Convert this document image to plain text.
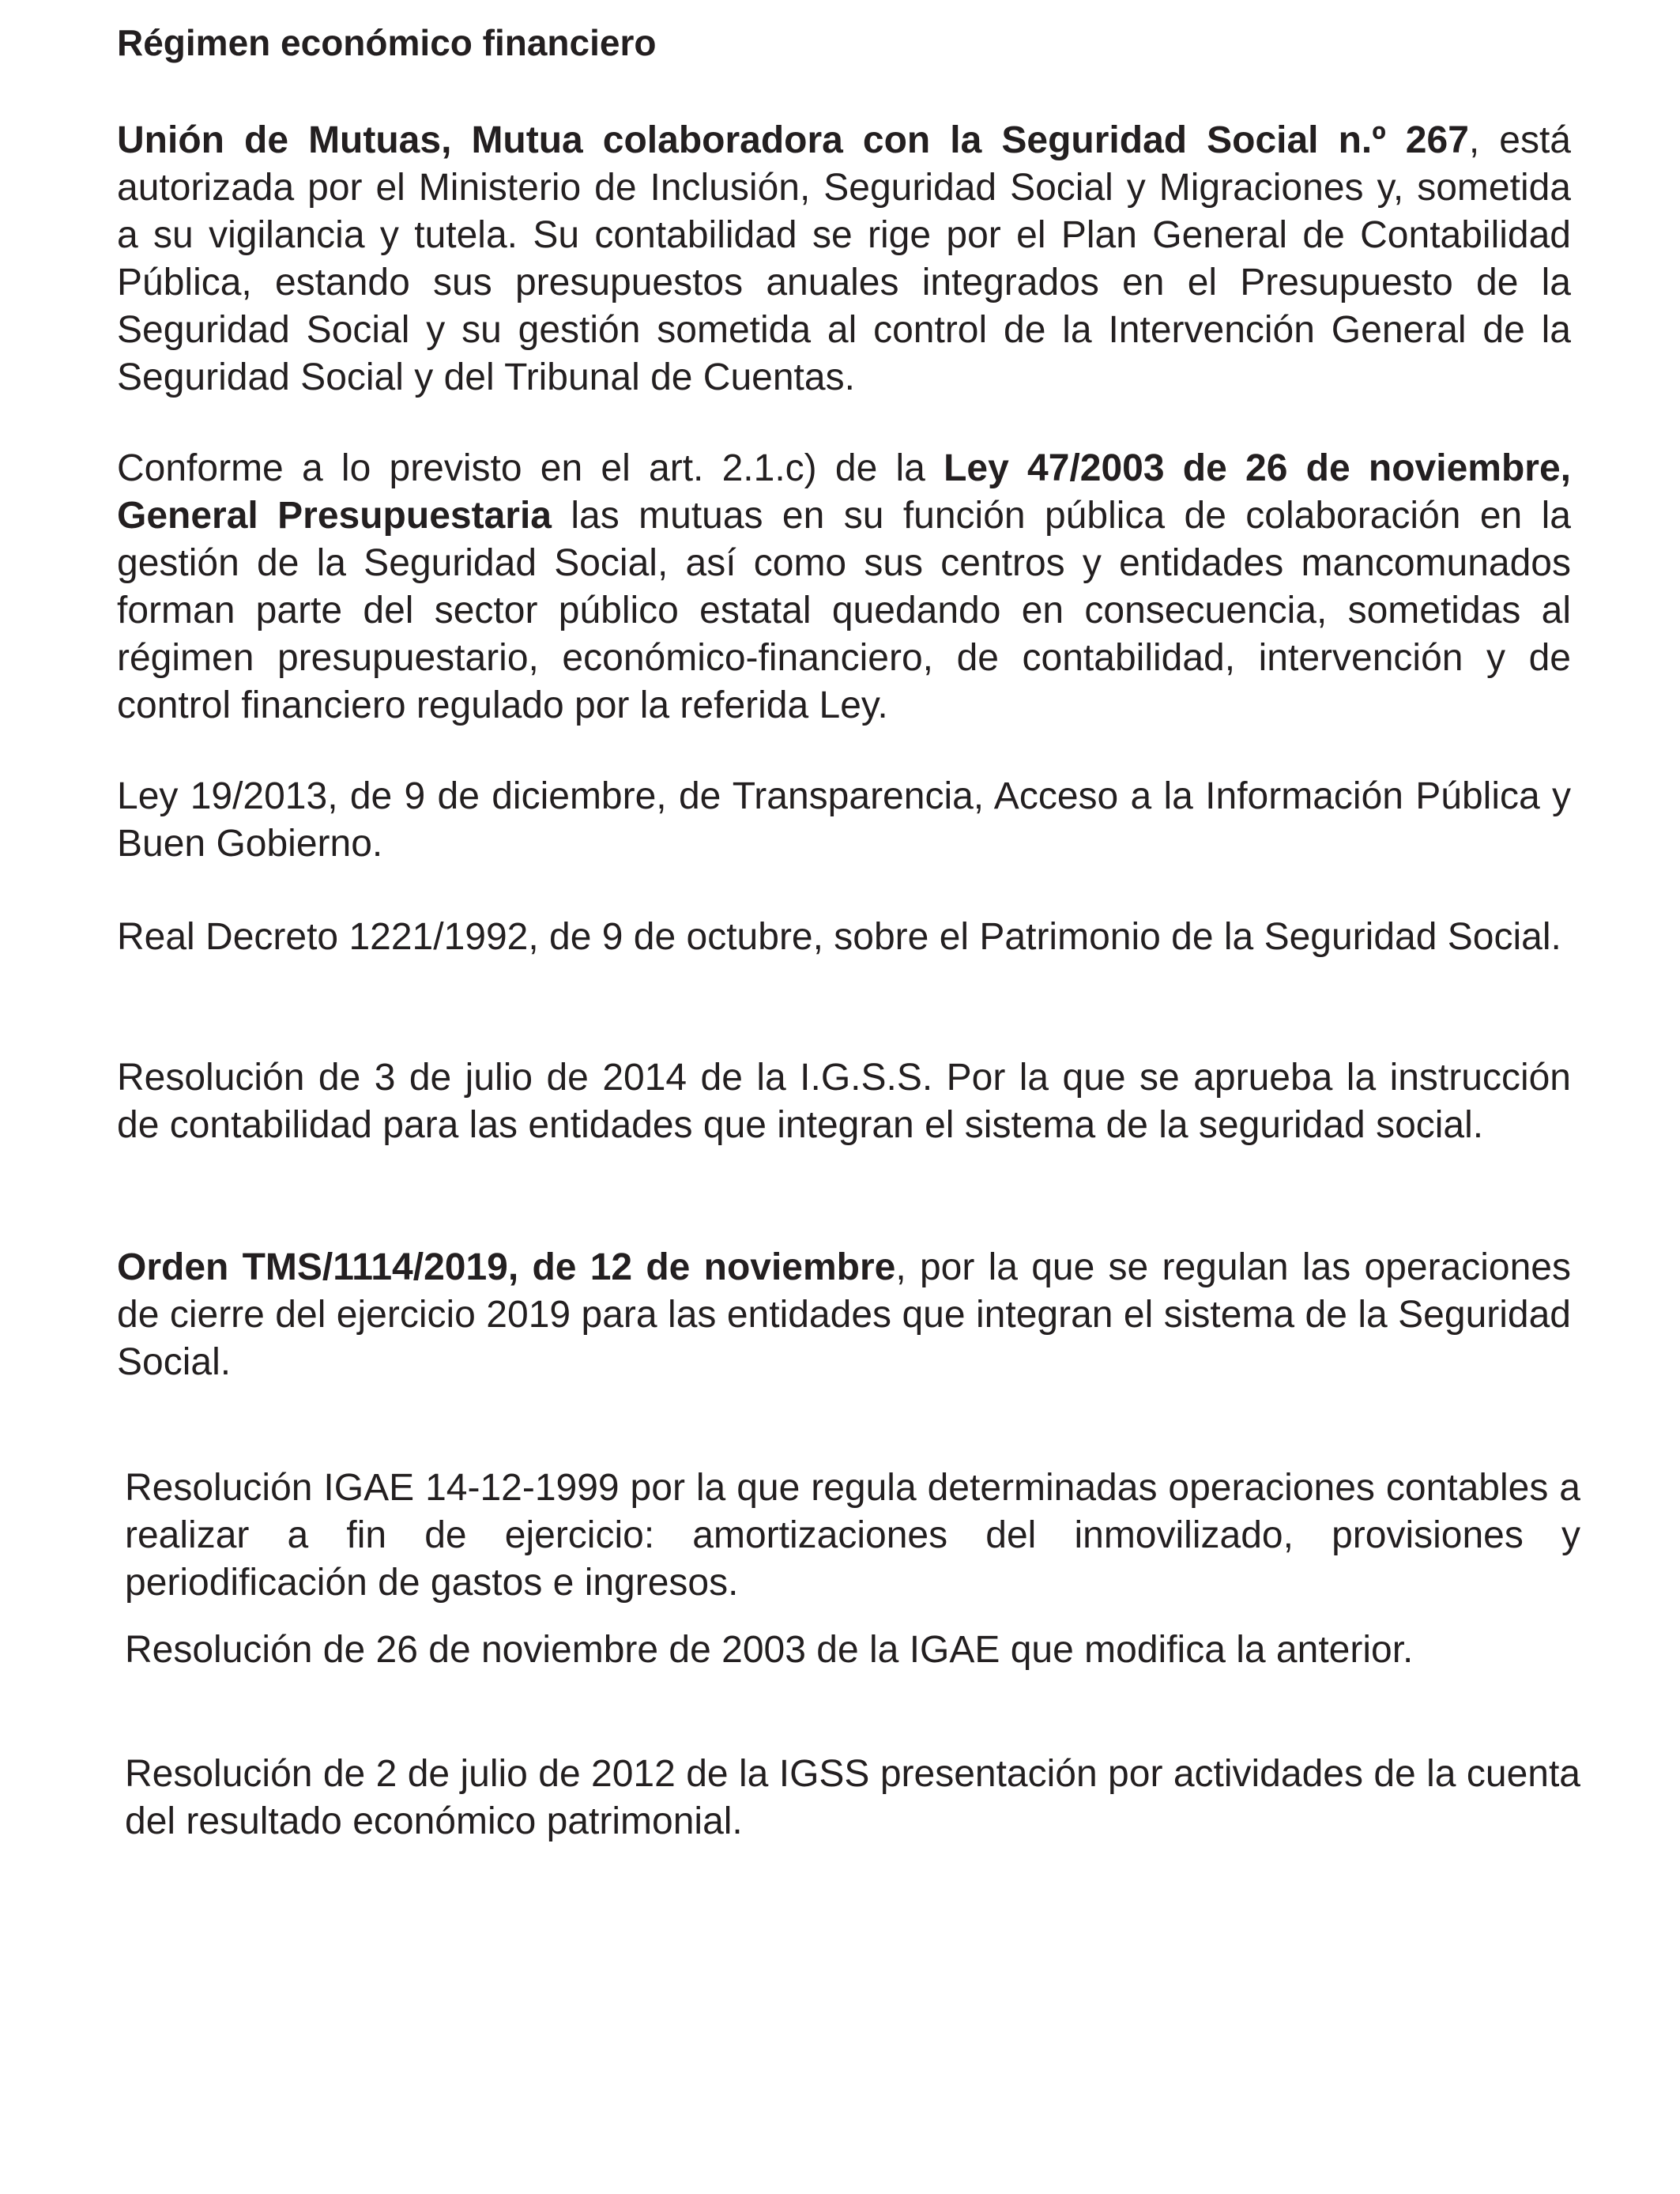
Régimen económico financiero

Unión de Mutuas, Mutua colaboradora con la Seguridad Social n.º 267, está autorizada por el Ministerio de Inclusión, Seguridad Social y Migraciones y, sometida a su vigilancia y tutela. Su contabilidad se rige por el Plan General de Contabilidad Pública, estando sus presupuestos anuales integrados en el Presupuesto de la Seguridad Social y su gestión sometida al control de la Intervención General de la Seguridad Social y del Tribunal de Cuentas.

Conforme a lo previsto en el art. 2.1.c) de la Ley 47/2003 de 26 de noviembre, General Presupuestaria las mutuas en su función pública de colaboración en la gestión de la Seguridad Social, así como sus centros y entidades mancomunados forman parte del sector público estatal quedando en consecuencia, sometidas al régimen presupuestario, económico-financiero, de contabilidad, intervención y de control financiero regulado por la referida Ley.

Ley 19/2013, de 9 de diciembre, de Transparencia, Acceso a la Información Pública y Buen Gobierno.

Real Decreto 1221/1992, de 9 de octubre, sobre el Patrimonio de la Seguridad Social.

Resolución de 3 de julio de 2014 de la I.G.S.S. Por la que se aprueba la instrucción de contabilidad para las entidades que integran el sistema de la seguridad social.

Orden TMS/1114/2019, de 12 de noviembre, por la que se regulan las operaciones de cierre del ejercicio 2019 para las entidades que integran el sistema de la Seguridad Social.

Resolución IGAE 14-12-1999 por la que regula determinadas operaciones contables a realizar a fin de ejercicio: amortizaciones del inmovilizado, provisiones y periodificación de gastos e ingresos.

Resolución de 26 de noviembre de 2003 de la IGAE que modifica la anterior.

Resolución de 2 de julio de 2012 de la IGSS presentación por actividades de la cuenta del resultado económico patrimonial.
